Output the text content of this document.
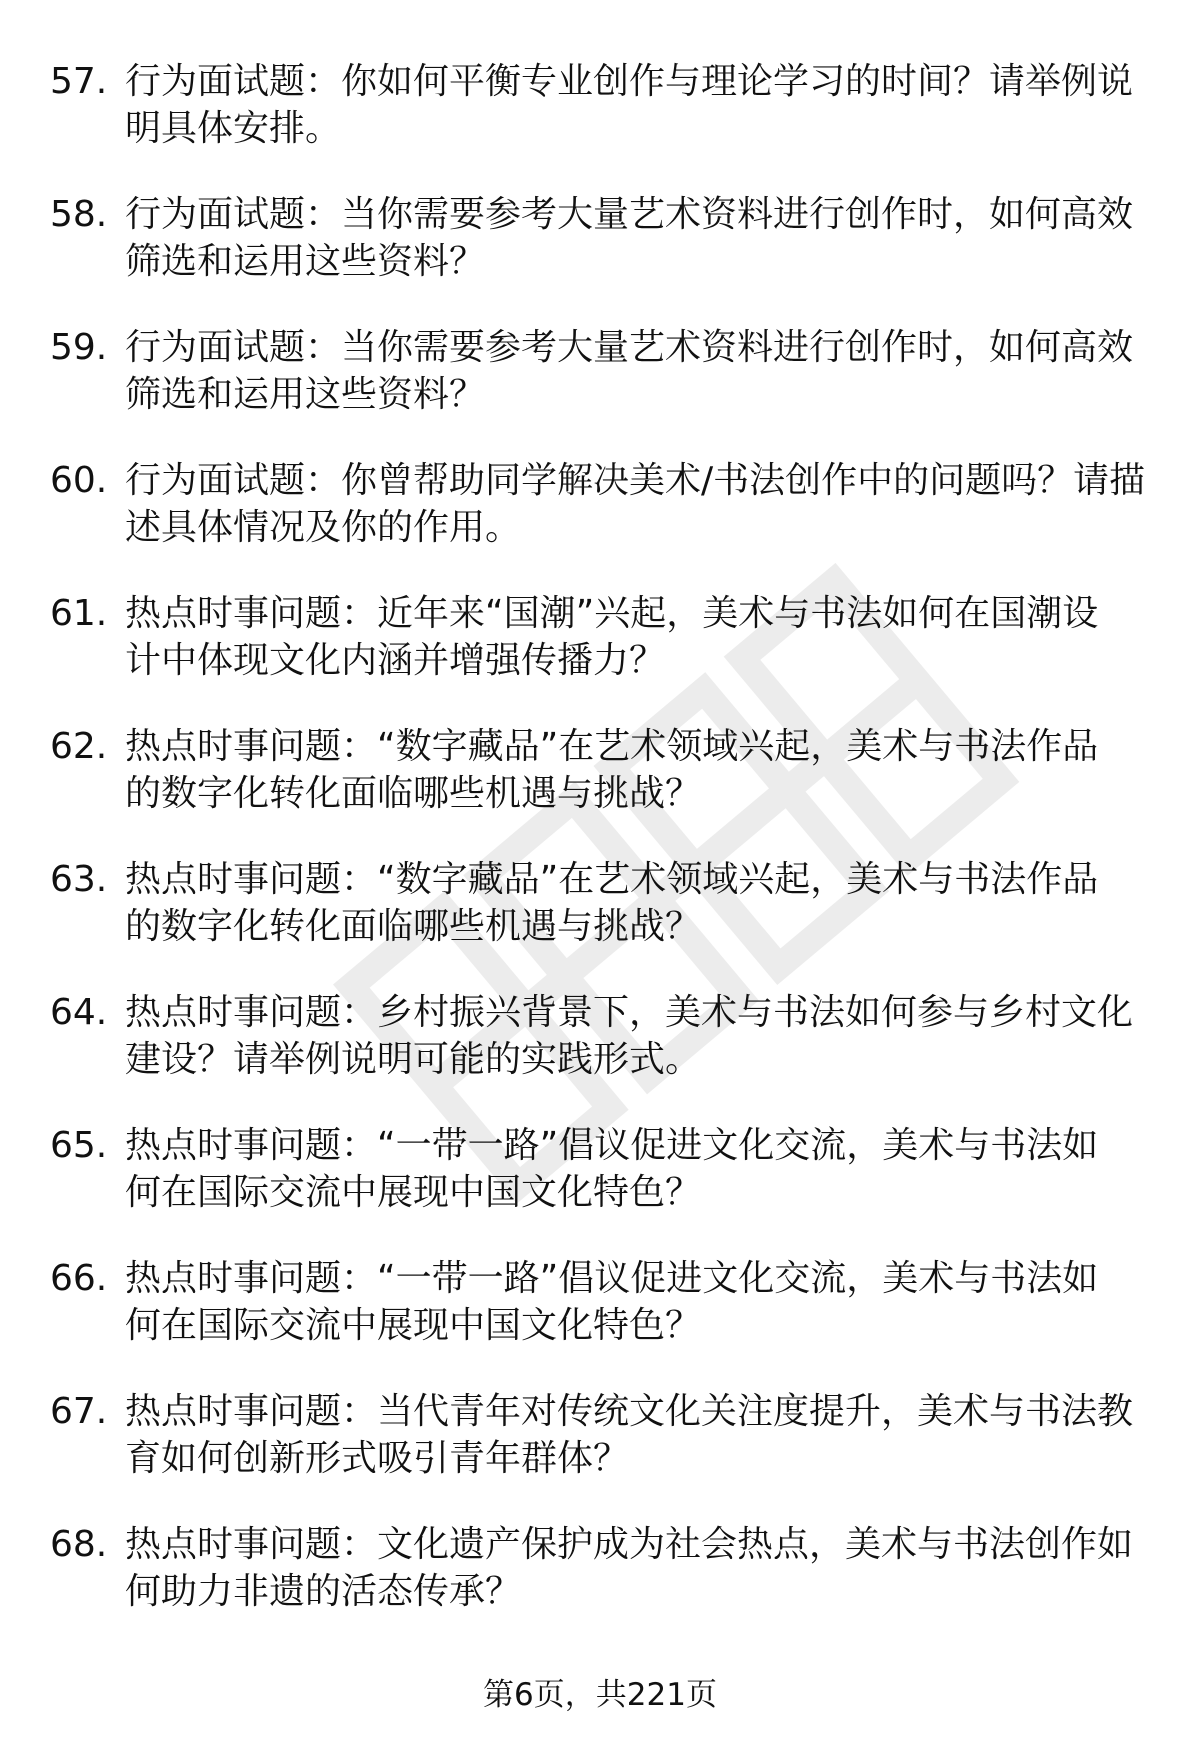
57. 行为面试题：你如何平衡专业创作与理论学习的时间？请举例说
明具体安排。
58. 行为面试题：当你需要参考大量艺术资料进行创作时，如何高效
筛选和运用这些资料？
59. 行为面试题：当你需要参考大量艺术资料进行创作时，如何高效
筛选和运用这些资料？
60. 行为面试题：你曾帮助同学解决美术/书法创作中的问题吗？请描
述具体情况及你的作用。
61. 热点时事问题：近年来“国潮”兴起，美术与书法如何在国潮设
计中体现文化内涵并增强传播力？
62. 热点时事问题：“数字藏品”在艺术领域兴起，美术与书法作品
的数字化转化面临哪些机遇与挑战？
63. 热点时事问题：“数字藏品”在艺术领域兴起，美术与书法作品
的数字化转化面临哪些机遇与挑战？
64. 热点时事问题：乡村振兴背景下，美术与书法如何参与乡村文化
建设？请举例说明可能的实践形式。
65. 热点时事问题：“一带一路”倡议促进文化交流，美术与书法如
何在国际交流中展现中国文化特色？
66. 热点时事问题：“一带一路”倡议促进文化交流，美术与书法如
何在国际交流中展现中国文化特色？
67. 热点时事问题：当代青年对传统文化关注度提升，美术与书法教
育如何创新形式吸引青年群体？
68. 热点时事问题：文化遗产保护成为社会热点，美术与书法创作如
何助力非遗的活态传承？
第6页，共221页
